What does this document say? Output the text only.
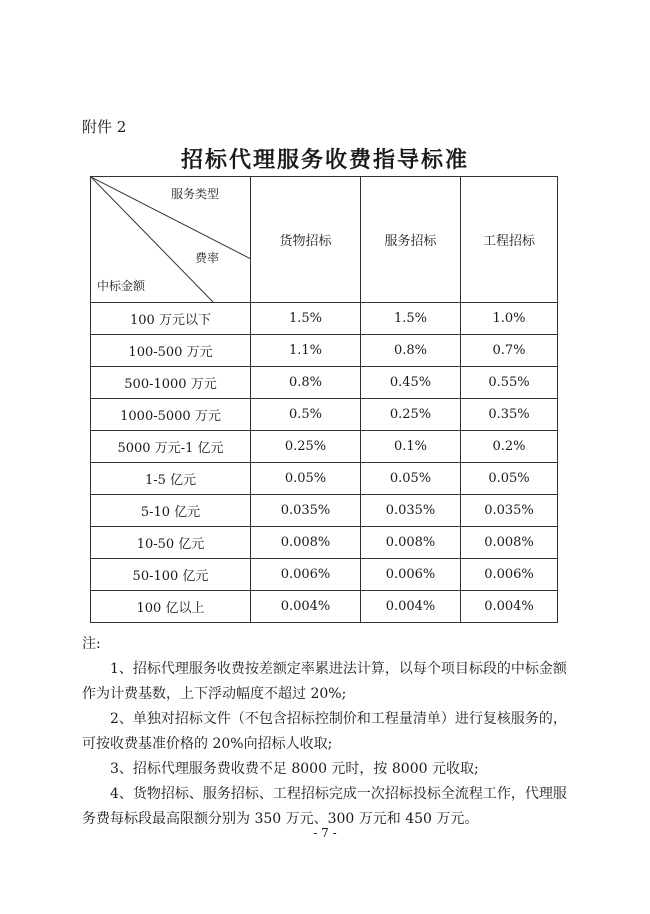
附件 2
招标代理服务收费指导标准
服务类型
费率
中标金额	货物招标	服务招标	工程招标
100 万元以下	1.5%	1.5%	1.0%
100-500 万元	1.1%	0.8%	0.7%
500-1000 万元	0.8%	0.45%	0.55%
1000-5000 万元	0.5%	0.25%	0.35%
5000 万元-1 亿元	0.25%	0.1%	0.2%
1-5 亿元	0.05%	0.05%	0.05%
5-10 亿元	0.035%	0.035%	0.035%
10-50 亿元	0.008%	0.008%	0.008%
50-100 亿元	0.006%	0.006%	0.006%
100 亿以上	0.004%	0.004%	0.004%

注:

1、招标代理服务收费按差额定率累进法计算，以每个项目标段的中标金额作为计费基数，上下浮动幅度不超过 20%;

2、单独对招标文件（不包含招标控制价和工程量清单）进行复核服务的，可按收费基准价格的 20%向招标人收取;

3、招标代理服务费收费不足 8000 元时，按 8000 元收取;

4、货物招标、服务招标、工程招标完成一次招标投标全流程工作，代理服务费每标段最高限额分别为 350 万元、300 万元和 450 万元。

- 7 -
